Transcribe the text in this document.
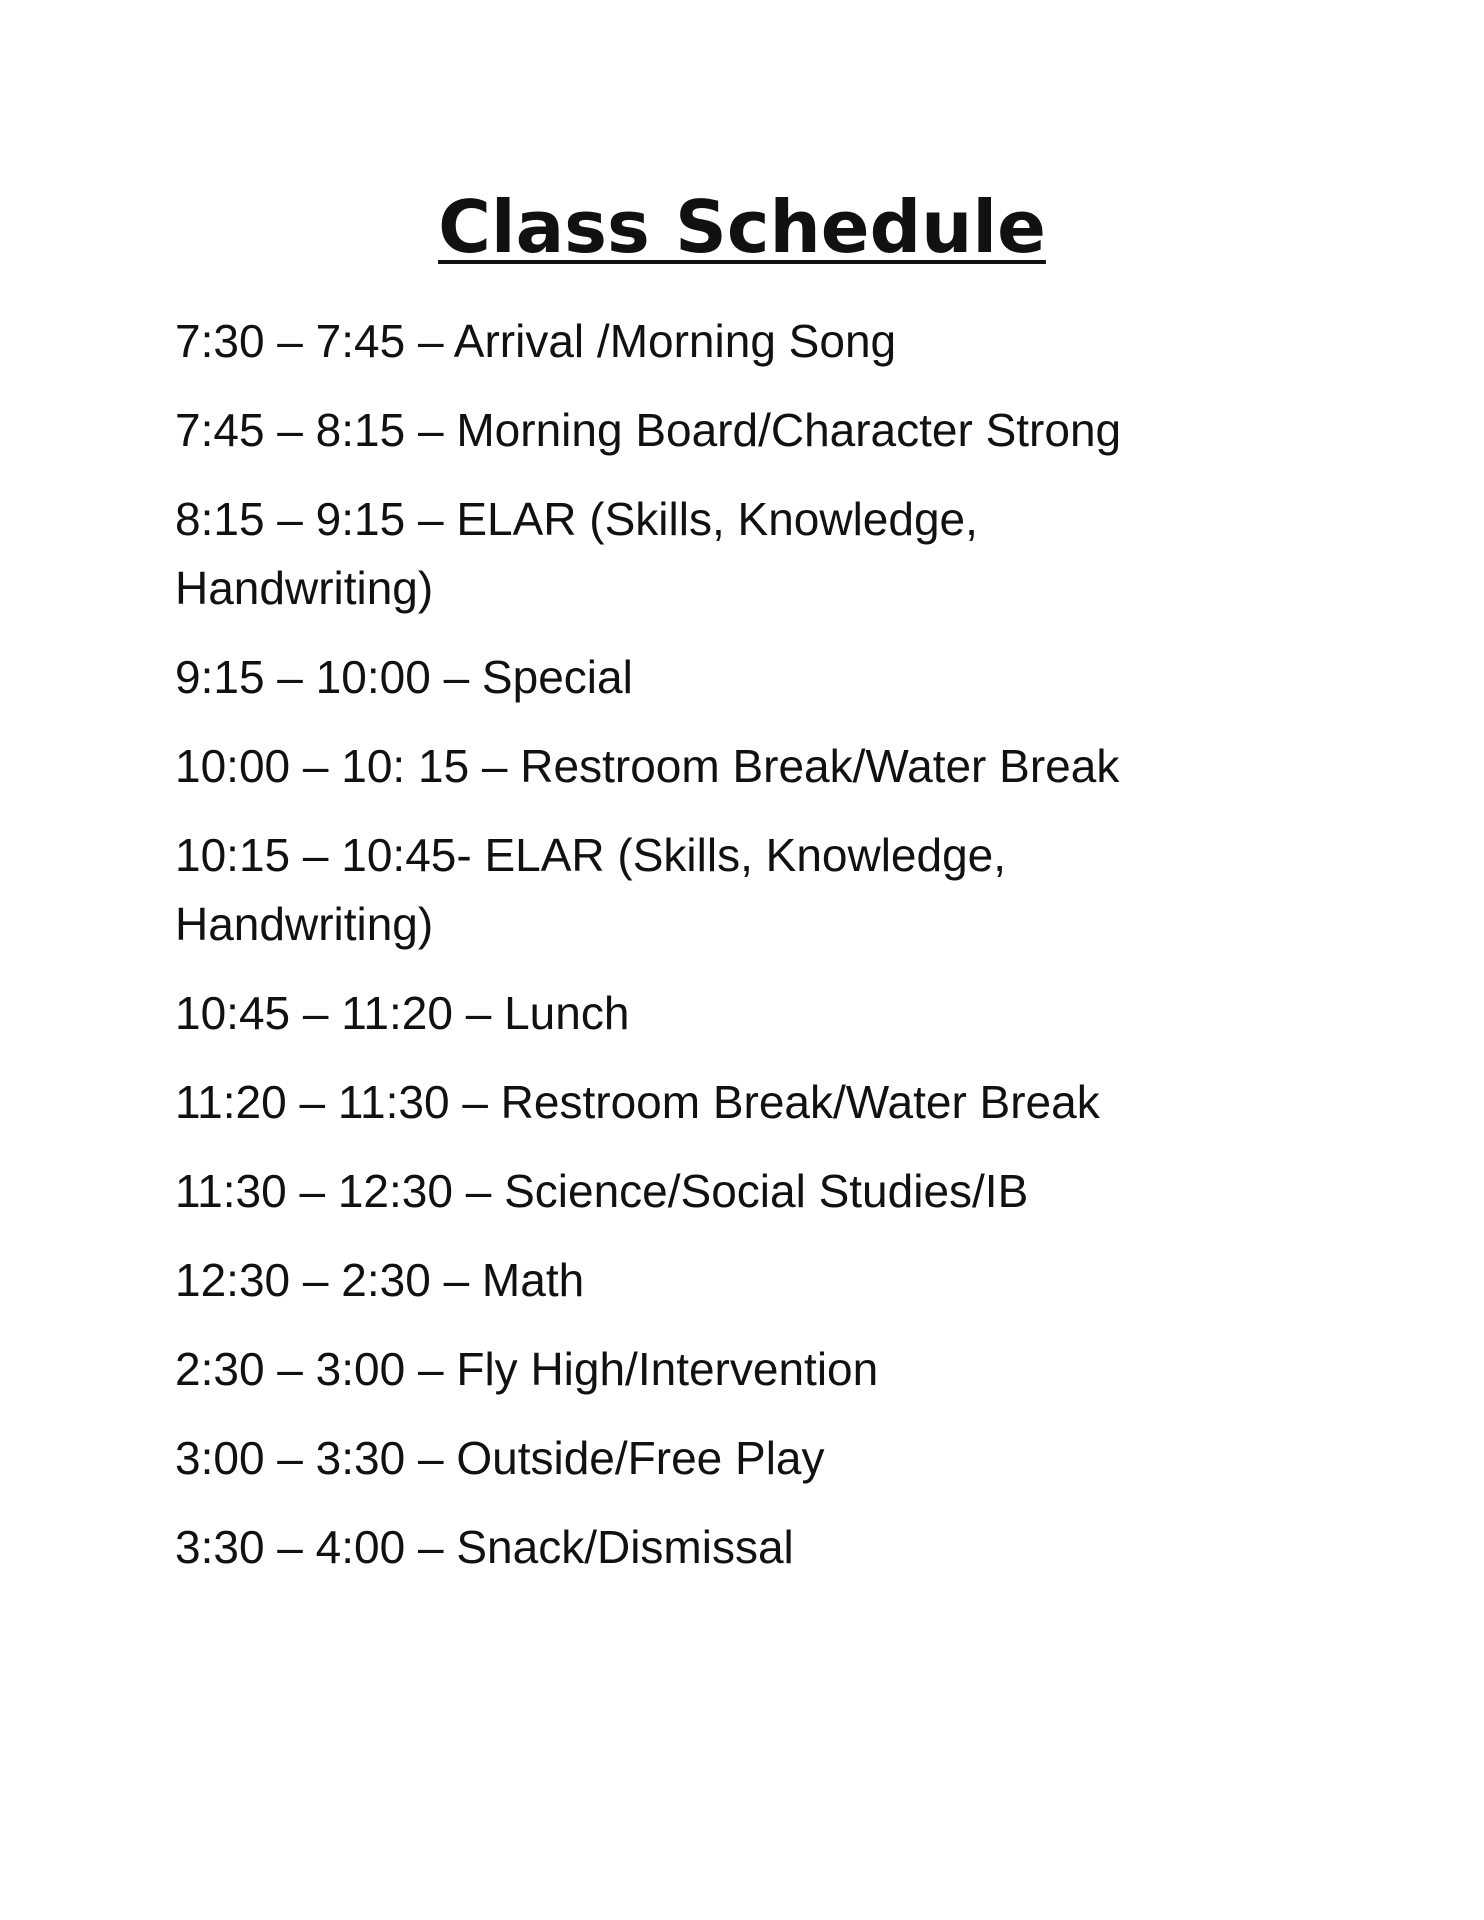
Class Schedule
7:30 – 7:45 – Arrival /Morning Song
7:45 – 8:15 – Morning Board/Character Strong
8:15 – 9:15 – ELAR (Skills, Knowledge, Handwriting)
9:15 – 10:00 – Special
10:00 – 10: 15 – Restroom Break/Water Break
10:15 – 10:45- ELAR (Skills, Knowledge, Handwriting)
10:45 – 11:20 – Lunch
11:20 – 11:30 – Restroom Break/Water Break
11:30 – 12:30 – Science/Social Studies/IB
12:30 – 2:30 – Math
2:30 – 3:00 – Fly High/Intervention
3:00 – 3:30 – Outside/Free Play
3:30 – 4:00 – Snack/Dismissal
